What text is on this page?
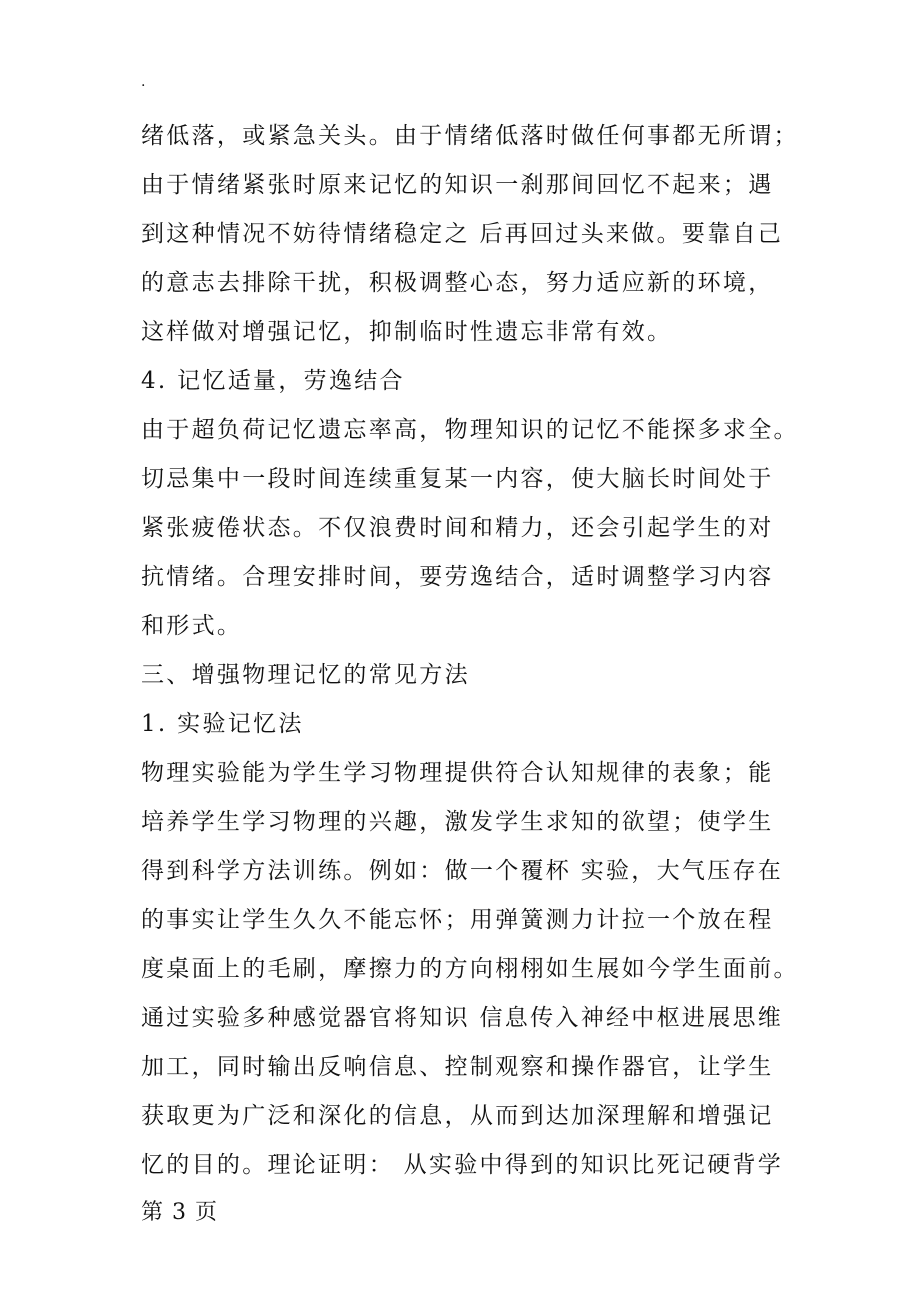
.
绪低落，或紧急关头。由于情绪低落时做任何事都无所谓；
由于情绪紧张时原来记忆的知识一刹那间回忆不起来；遇
到这种情况不妨待情绪稳定之 后再回过头来做。要靠自己
的意志去排除干扰，积极调整心态，努力适应新的环境，
这样做对增强记忆，抑制临时性遗忘非常有效。
4. 记忆适量，劳逸结合
由于超负荷记忆遗忘率高，物理知识的记忆不能探多求全。
切忌集中一段时间连续重复某一内容，使大脑长时间处于
紧张疲倦状态。不仅浪费时间和精力，还会引起学生的对
抗情绪。合理安排时间，要劳逸结合，适时调整学习内容
和形式。
三、增强物理记忆的常见方法
1. 实验记忆法
物理实验能为学生学习物理提供符合认知规律的表象；能
培养学生学习物理的兴趣，激发学生求知的欲望；使学生
得到科学方法训练。例如：做一个覆杯 实验，大气压存在
的事实让学生久久不能忘怀；用弹簧测力计拉一个放在程
度桌面上的毛刷，摩擦力的方向栩栩如生展如今学生面前。
通过实验多种感觉器官将知识 信息传入神经中枢进展思维
加工，同时输出反响信息、控制观察和操作器官，让学生
获取更为广泛和深化的信息，从而到达加深理解和增强记
忆的目的。理论证明： 从实验中得到的知识比死记硬背学
第 3 页
